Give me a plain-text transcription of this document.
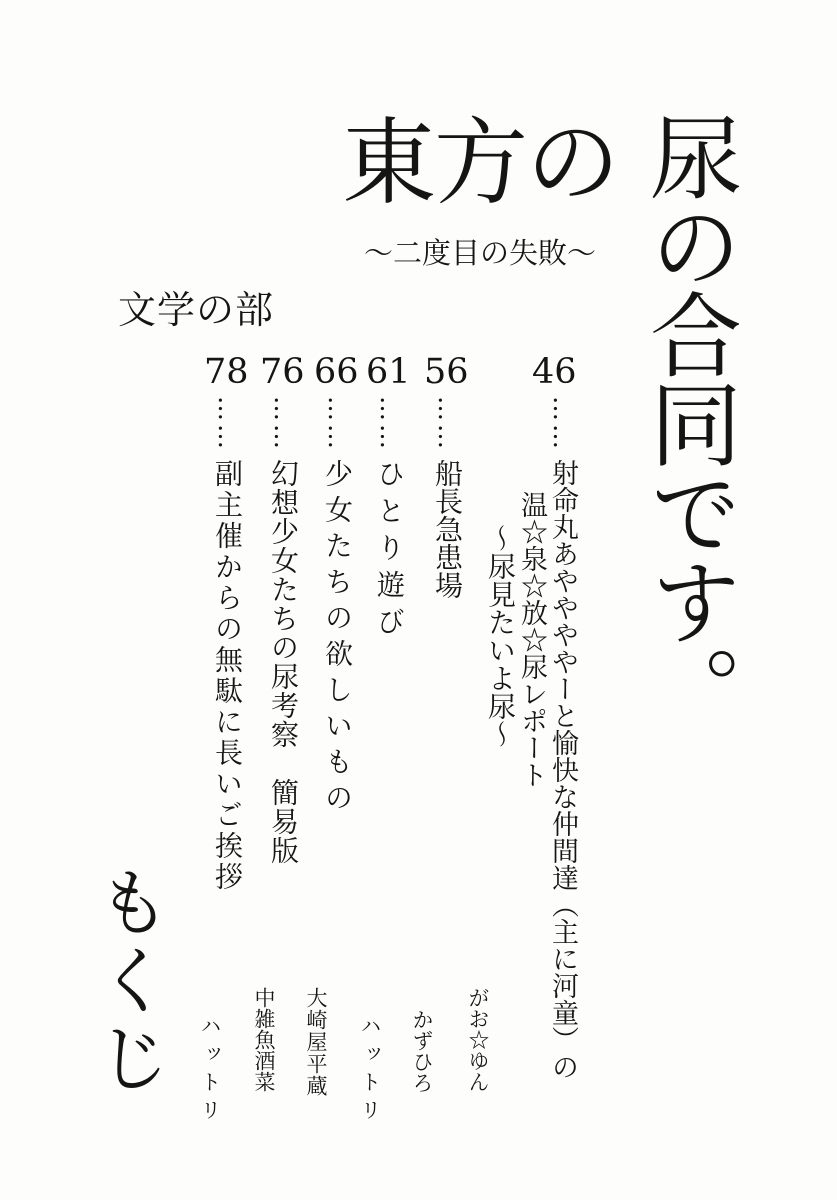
東方の
〜二度目の失敗〜 尿の合同です。
文学の部
46

……射命丸あややややーと愉快な仲間達（主に河童）の

温☆泉☆放☆尿レポート

〜尿見たいよ尿〜

がお☆ゆん
56

……船長急患場

かずひろ
61

……ひとり遊び

ハットリ
66

……少女たちの欲しいもの

大崎屋平蔵
76

……幻想少女たちの尿考察　簡易版

中雑魚酒菜
78

……副主催からの無駄に長いご挨拶

ハットリ
もくじ
